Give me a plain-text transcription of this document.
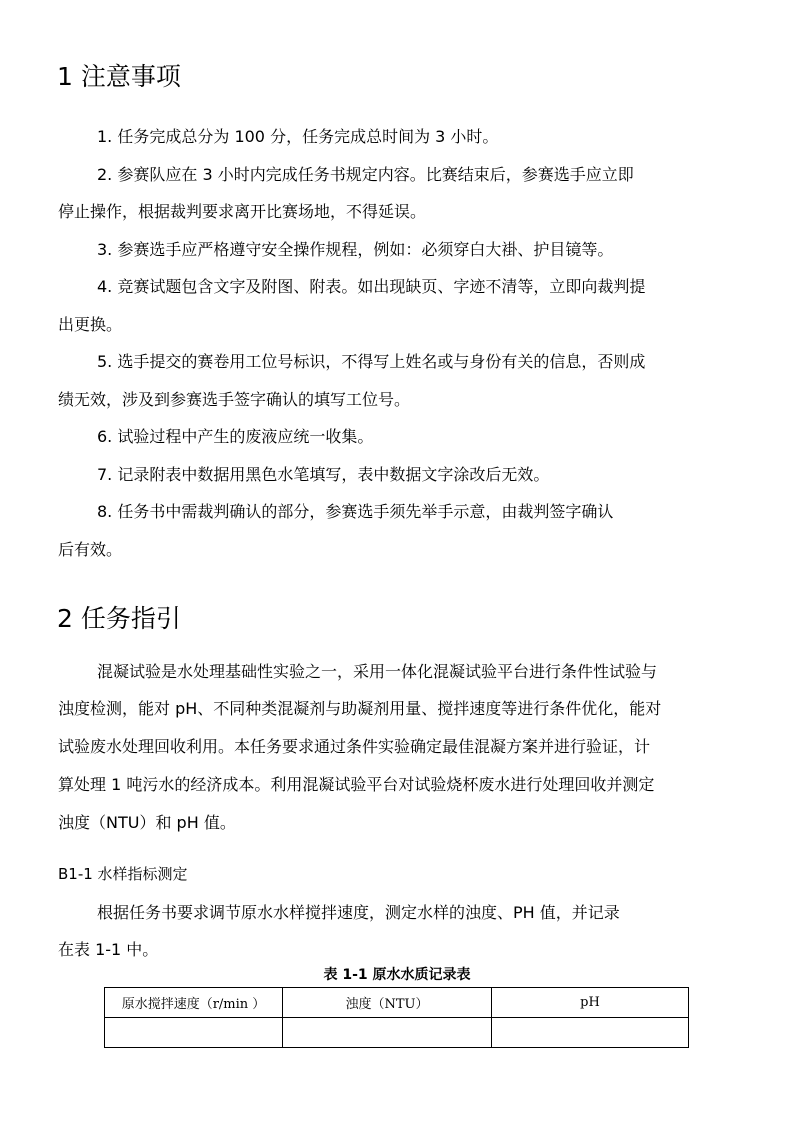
1 注意事项
1. 任务完成总分为 100 分，任务完成总时间为 3 小时。
2. 参赛队应在 3 小时内完成任务书规定内容。比赛结束后，参赛选手应立即
停止操作，根据裁判要求离开比赛场地，不得延误。
3. 参赛选手应严格遵守安全操作规程，例如：必须穿白大褂、护目镜等。
4. 竞赛试题包含文字及附图、附表。如出现缺页、字迹不清等，立即向裁判提
出更换。
5. 选手提交的赛卷用工位号标识，不得写上姓名或与身份有关的信息，否则成
绩无效，涉及到参赛选手签字确认的填写工位号。
6. 试验过程中产生的废液应统一收集。
7. 记录附表中数据用黑色水笔填写，表中数据文字涂改后无效。
8. 任务书中需裁判确认的部分，参赛选手须先举手示意，由裁判签字确认
后有效。
2 任务指引
混凝试验是水处理基础性实验之一，采用一体化混凝试验平台进行条件性试验与
浊度检测，能对 pH、不同种类混凝剂与助凝剂用量、搅拌速度等进行条件优化，能对
试验废水处理回收利用。本任务要求通过条件实验确定最佳混凝方案并进行验证，计
算处理 1 吨污水的经济成本。利用混凝试验平台对试验烧杯废水进行处理回收并测定
浊度（NTU）和 pH 值。
B1-1 水样指标测定
根据任务书要求调节原水水样搅拌速度，测定水样的浊度、PH 值，并记录
在表 1-1 中。
表 1-1 原水水质记录表
原水搅拌速度（r/min ）	浊度（NTU）	pH
